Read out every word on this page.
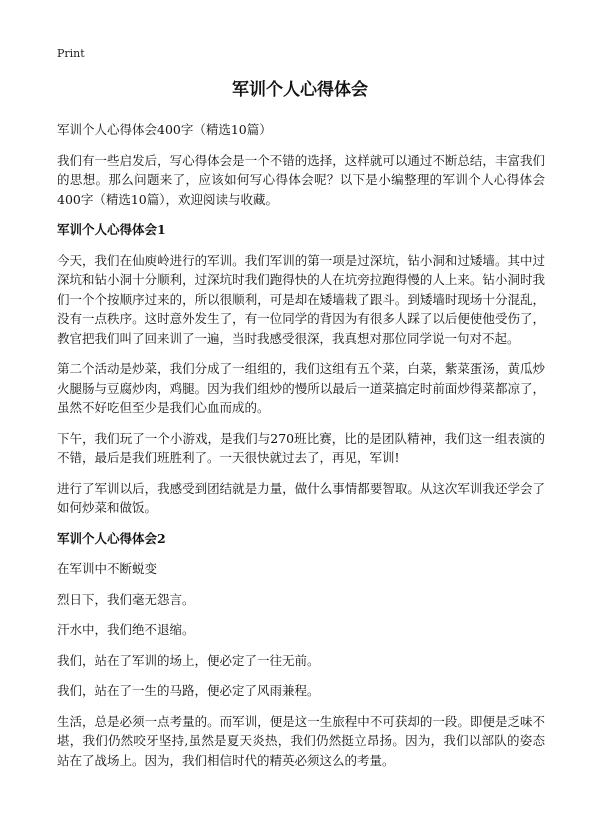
Print
军训个人心得体会

军训个人心得体会400字（精选10篇）

我们有一些启发后，写心得体会是一个不错的选择，这样就可以通过不断总结，丰富我们的思想。那么问题来了，应该如何写心得体会呢？以下是小编整理的军训个人心得体会400字（精选10篇），欢迎阅读与收藏。

军训个人心得体会1

今天，我们在仙庾岭进行的军训。我们军训的第一项是过深坑，钻小洞和过矮墙。其中过深坑和钻小洞十分顺利，过深坑时我们跑得快的人在坑旁拉跑得慢的人上来。钻小洞时我们一个个按顺序过来的，所以很顺利，可是却在矮墙栽了跟斗。到矮墙时现场十分混乱，没有一点秩序。这时意外发生了，有一位同学的背因为有很多人踩了以后便使他受伤了，教官把我们叫了回来训了一遍，当时我感受很深，我真想对那位同学说一句对不起。

第二个活动是炒菜，我们分成了一组组的，我们这组有五个菜，白菜，紫菜蛋汤，黄瓜炒火腿肠与豆腐炒肉，鸡腿。因为我们组炒的慢所以最后一道菜搞定时前面炒得菜都凉了，虽然不好吃但至少是我们心血而成的。

下午，我们玩了一个小游戏，是我们与270班比赛，比的是团队精神，我们这一组表演的不错，最后是我们班胜利了。一天很快就过去了，再见，军训!

进行了军训以后，我感受到团结就是力量，做什么事情都要智取。从这次军训我还学会了如何炒菜和做饭。

军训个人心得体会2

在军训中不断蜕变

烈日下，我们毫无怨言。

汗水中，我们绝不退缩。

我们，站在了军训的场上，便必定了一往无前。

我们，站在了一生的马路，便必定了风雨兼程。

生活，总是必须一点考量的。而军训，便是这一生旅程中不可获却的一段。即便是乏味不堪，我们仍然咬牙坚持,虽然是夏天炎热，我们仍然挺立昂扬。因为，我们以部队的姿态站在了战场上。因为，我们相信时代的精英必须这么的考量。
